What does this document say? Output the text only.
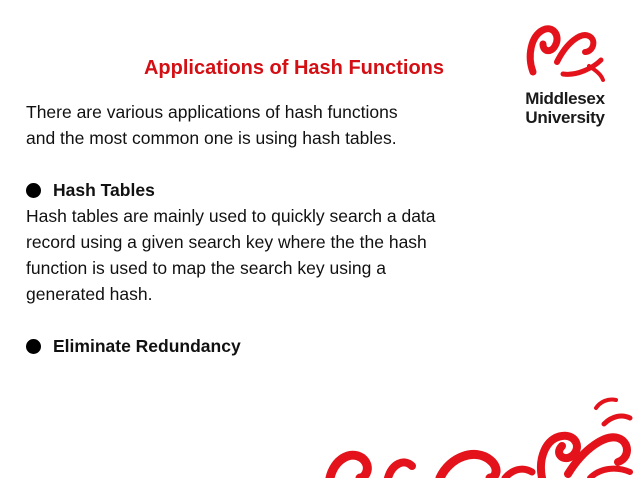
Applications of Hash Functions
Middlesex
University
There are various applications of hash functions
and the most common one is using hash tables.
Hash Tables
Hash tables are mainly used to quickly search a data
record using a given search key where the the hash
function is used to map the search key using a
generated hash.
Eliminate Redundancy
